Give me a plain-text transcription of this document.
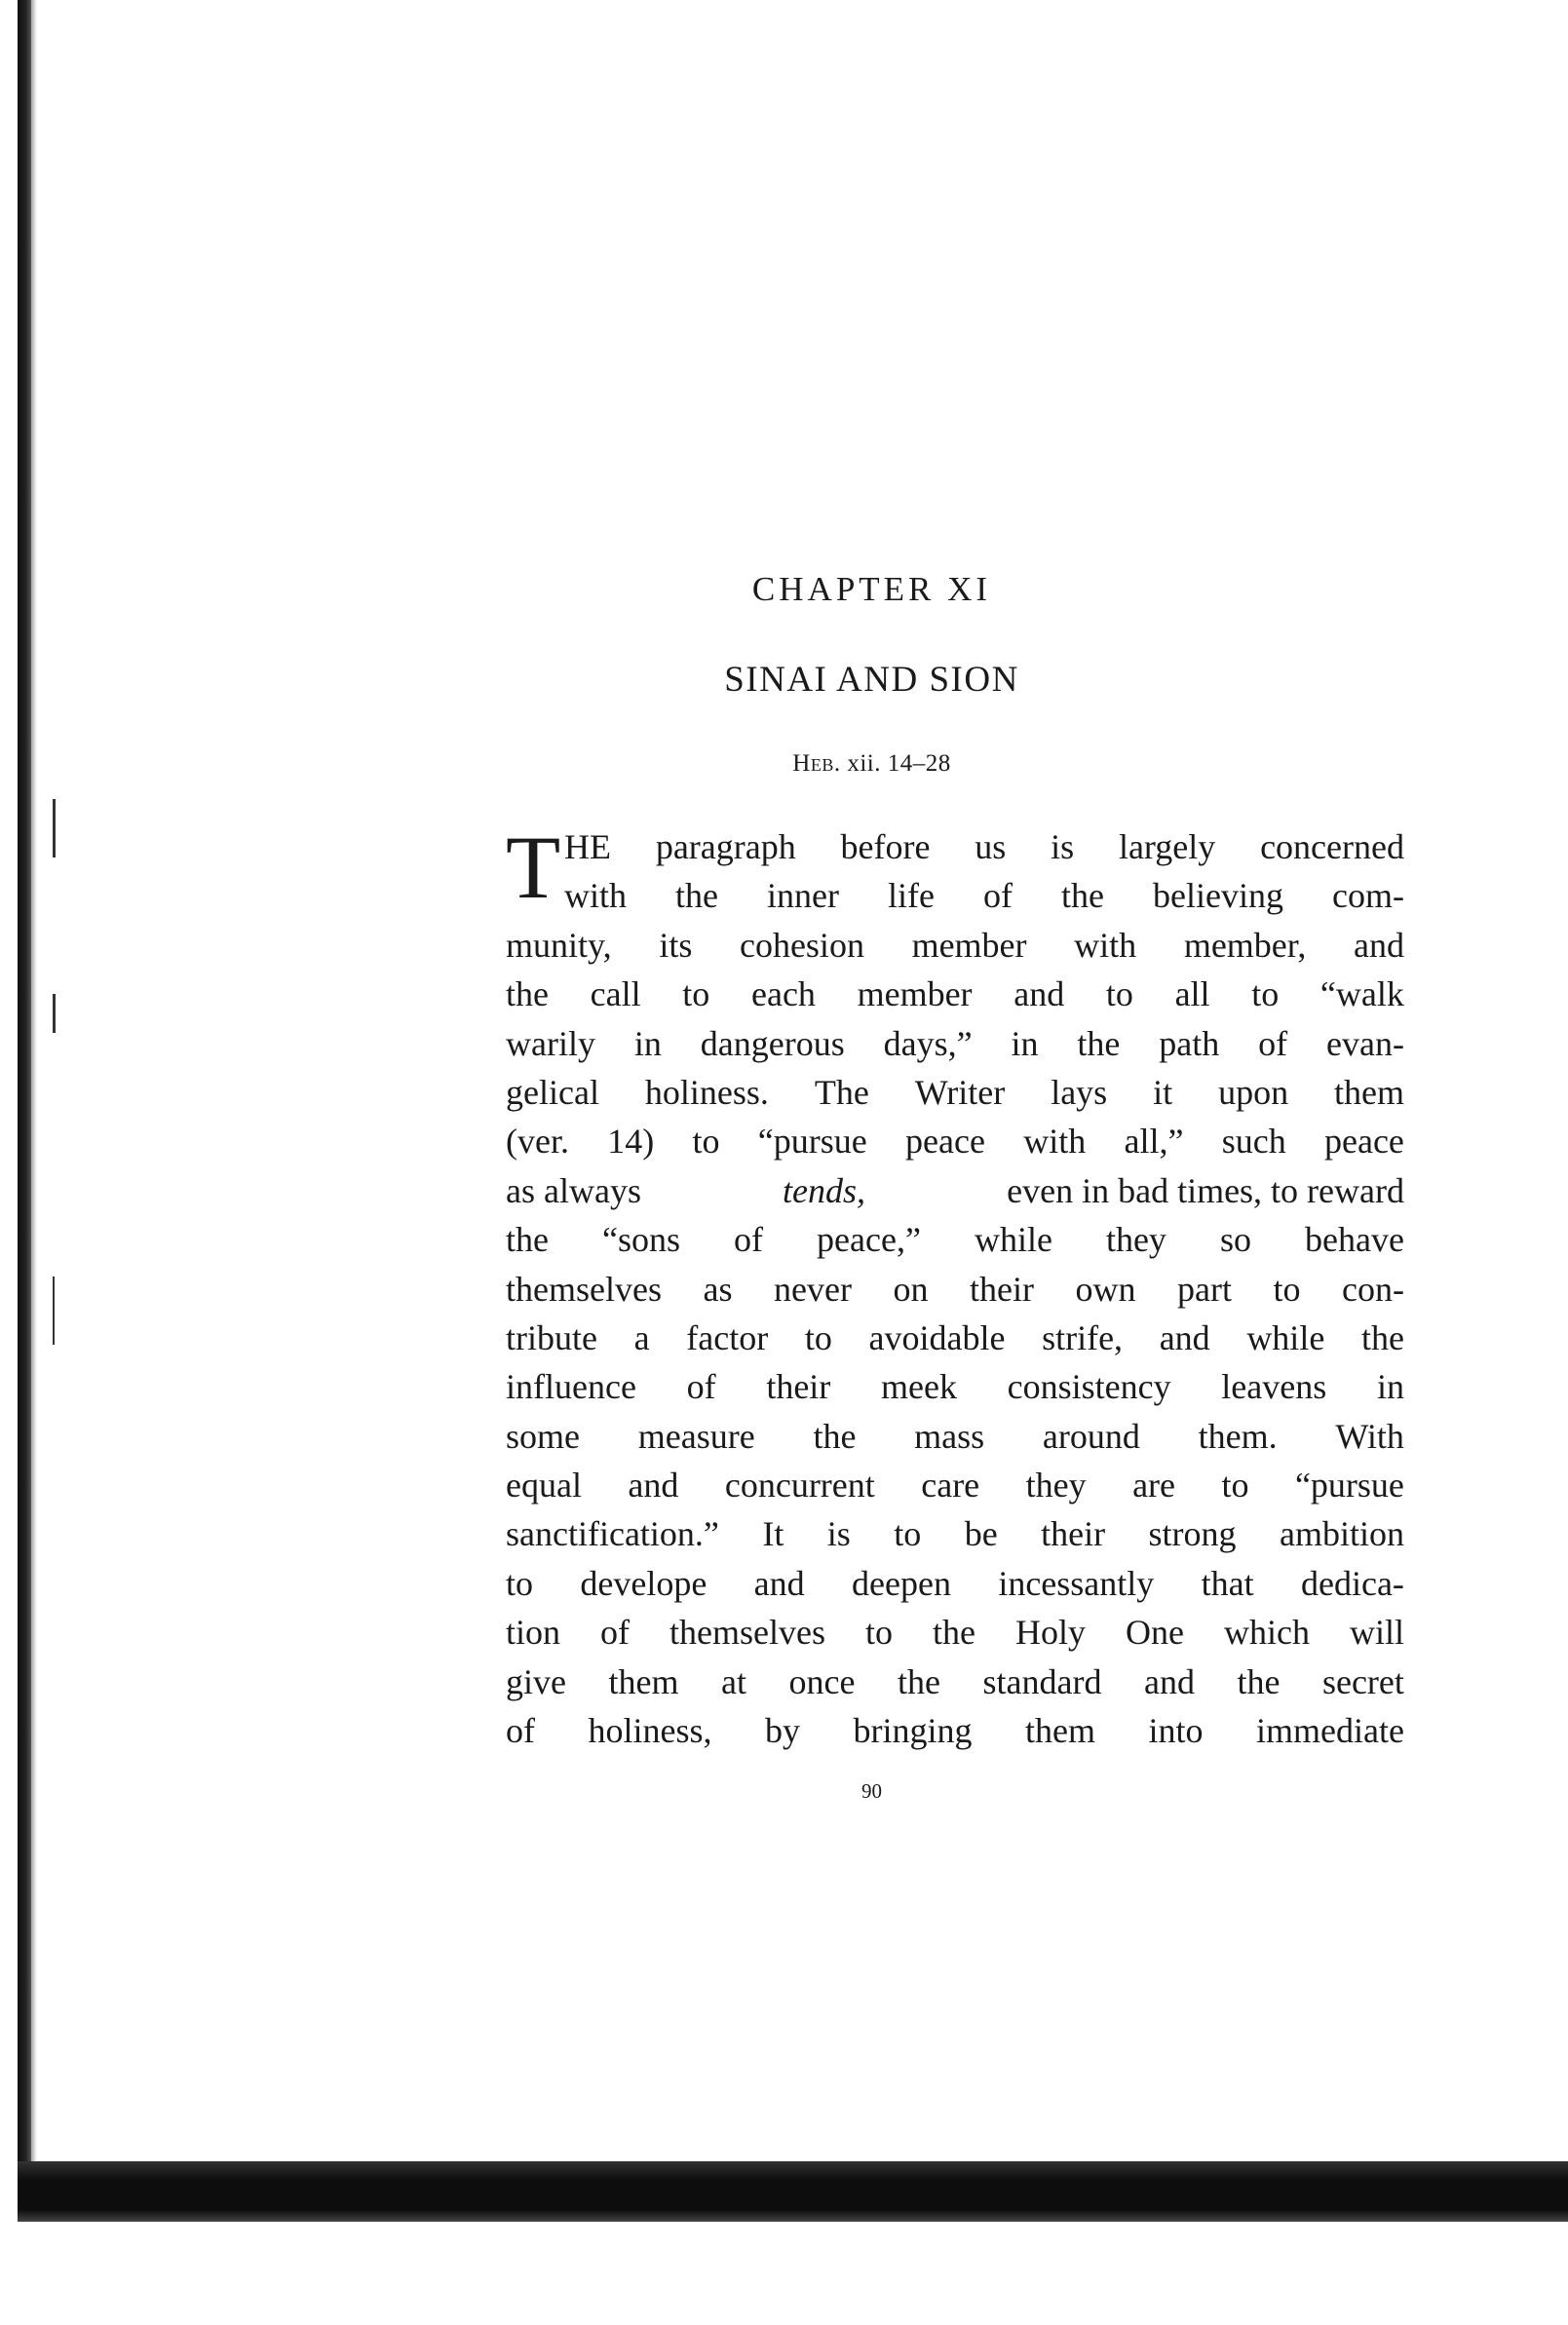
CHAPTER XI
SINAI AND SION
Heb. xii. 14–28
T HE paragraph before us is largely concerned
with the inner life of the believing com-
munity, its cohesion member with member, and
the call to each member and to all to “walk
warily in dangerous days,” in the path of evan-
gelical holiness. The Writer lays it upon them
(ver. 14) to “pursue peace with all,” such peace
as always	tends,	even in bad times, to reward
the “sons of peace,” while they so behave
themselves as never on their own part to con-
tribute a factor to avoidable strife, and while the
influence of their meek consistency leavens in
some measure the mass around them. With
equal and concurrent care they are to “pursue
sanctification.” It is to be their strong ambition
to develope and deepen incessantly that dedica-
tion of themselves to the Holy One which will
give them at once the standard and the secret
of holiness, by bringing them into immediate
90
